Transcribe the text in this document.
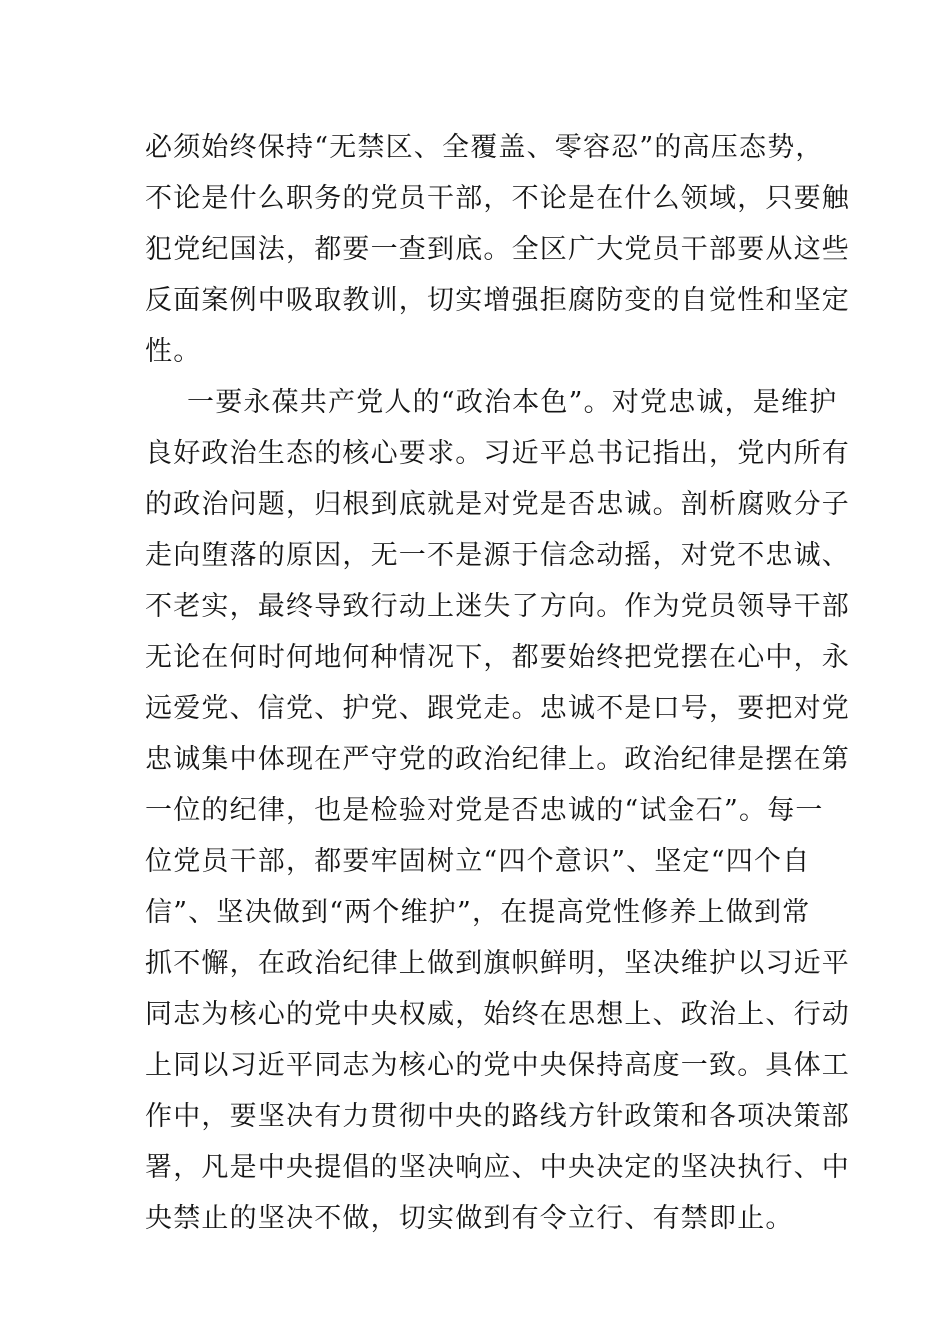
必须始终保持“无禁区、全覆盖、零容忍”的高压态势，
不论是什么职务的党员干部，不论是在什么领域，只要触
犯党纪国法，都要一查到底。全区广大党员干部要从这些
反面案例中吸取教训，切实增强拒腐防变的自觉性和坚定
性。
一要永葆共产党人的“政治本色”。对党忠诚，是维护
良好政治生态的核心要求。习近平总书记指出，党内所有
的政治问题，归根到底就是对党是否忠诚。剖析腐败分子
走向堕落的原因，无一不是源于信念动摇，对党不忠诚、
不老实，最终导致行动上迷失了方向。作为党员领导干部
无论在何时何地何种情况下，都要始终把党摆在心中，永
远爱党、信党、护党、跟党走。忠诚不是口号，要把对党
忠诚集中体现在严守党的政治纪律上。政治纪律是摆在第
一位的纪律，也是检验对党是否忠诚的“试金石”。每一
位党员干部，都要牢固树立“四个意识”、坚定“四个自
信”、坚决做到“两个维护”，在提高党性修养上做到常
抓不懈，在政治纪律上做到旗帜鲜明，坚决维护以习近平
同志为核心的党中央权威，始终在思想上、政治上、行动
上同以习近平同志为核心的党中央保持高度一致。具体工
作中，要坚决有力贯彻中央的路线方针政策和各项决策部
署，凡是中央提倡的坚决响应、中央决定的坚决执行、中
央禁止的坚决不做，切实做到有令立行、有禁即止。
